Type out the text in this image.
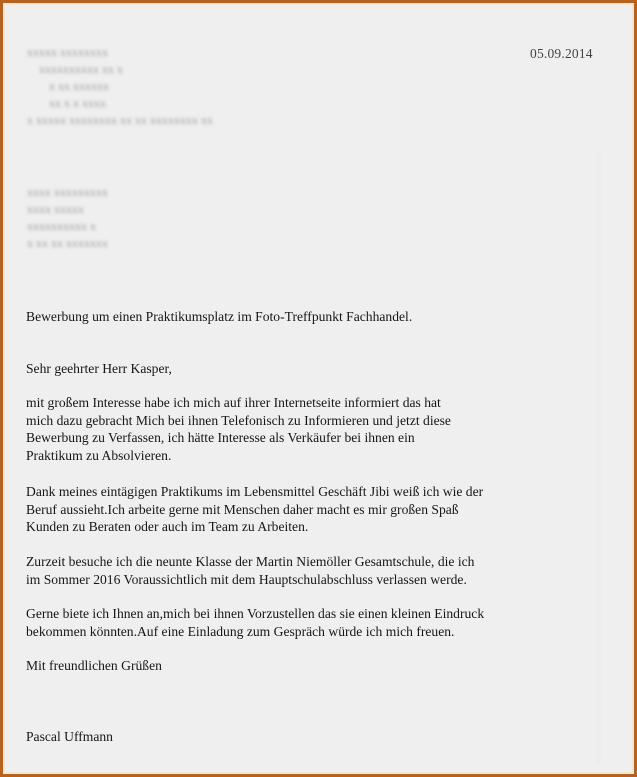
xxxxx xxxxxxxx
xxxxxxxxxx xx x
x xx xxxxxx
xx x x xxxx
x xxxxx xxxxxxxx xx xx xxxxxxxx xx
05.09.2014
xxxx xxxxxxxxx
xxxx xxxxx
xxxxxxxxxx x
x xx xx xxxxxxx
Bewerbung um einen Praktikumsplatz im Foto-Treffpunkt Fachhandel.
Sehr geehrter Herr Kasper,
mit großem Interesse habe ich mich auf ihrer Internetseite informiert das hat
mich dazu gebracht Mich bei ihnen Telefonisch zu Informieren und jetzt diese
Bewerbung zu Verfassen, ich hätte Interesse als Verkäufer bei ihnen ein
Praktikum zu Absolvieren.
Dank meines eintägigen Praktikums im Lebensmittel Geschäft Jibi weiß ich wie der
Beruf aussieht.Ich arbeite gerne mit Menschen daher macht es mir großen Spaß
Kunden zu Beraten oder auch im Team zu Arbeiten.
Zurzeit besuche ich die neunte Klasse der Martin Niemöller Gesamtschule, die ich
im Sommer 2016 Voraussichtlich mit dem Hauptschulabschluss verlassen werde.
Gerne biete ich Ihnen an,mich bei ihnen Vorzustellen das sie einen kleinen Eindruck
bekommen könnten.Auf eine Einladung zum Gespräch würde ich mich freuen.
Mit freundlichen Grüßen
Pascal Uffmann
